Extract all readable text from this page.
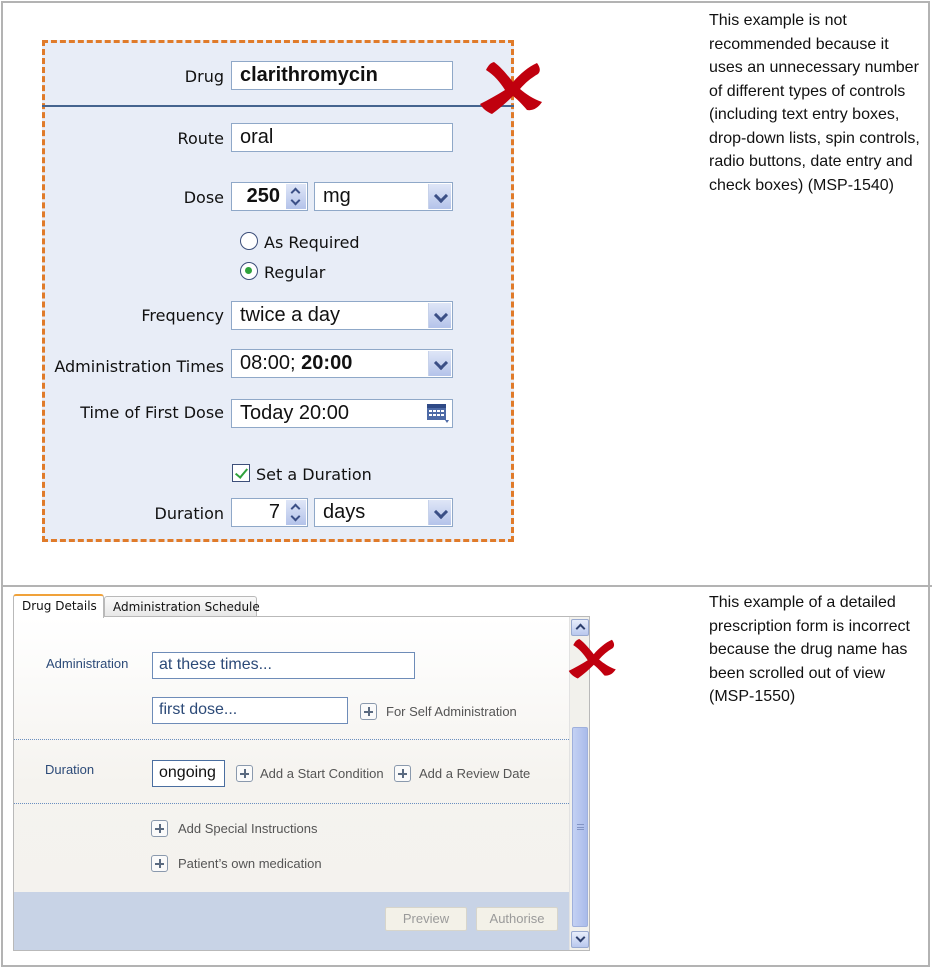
Drug clarithromycin
Route oral
Dose	250	mg
As Required
Regular
Frequency twice a day
Administration Times 08:00; 20:00
Time of First Dose Today 20:00
Set a Duration
Duration	7	days
This example is not recommended because it uses an unnecessary number of different types of controls (including text entry boxes, drop-down lists, spin controls, radio buttons, date entry and check boxes) (MSP-1540)
Drug Details	Administration Schedule
Administration	at these times...
first dose...	For Self Administration
Duration	ongoing	Add a Start Condition	Add a Review Date
Add Special Instructions
Patient’s own medication
Preview	Authorise
This example of a detailed prescription form is incorrect because the drug name has been scrolled out of view (MSP-1550)
